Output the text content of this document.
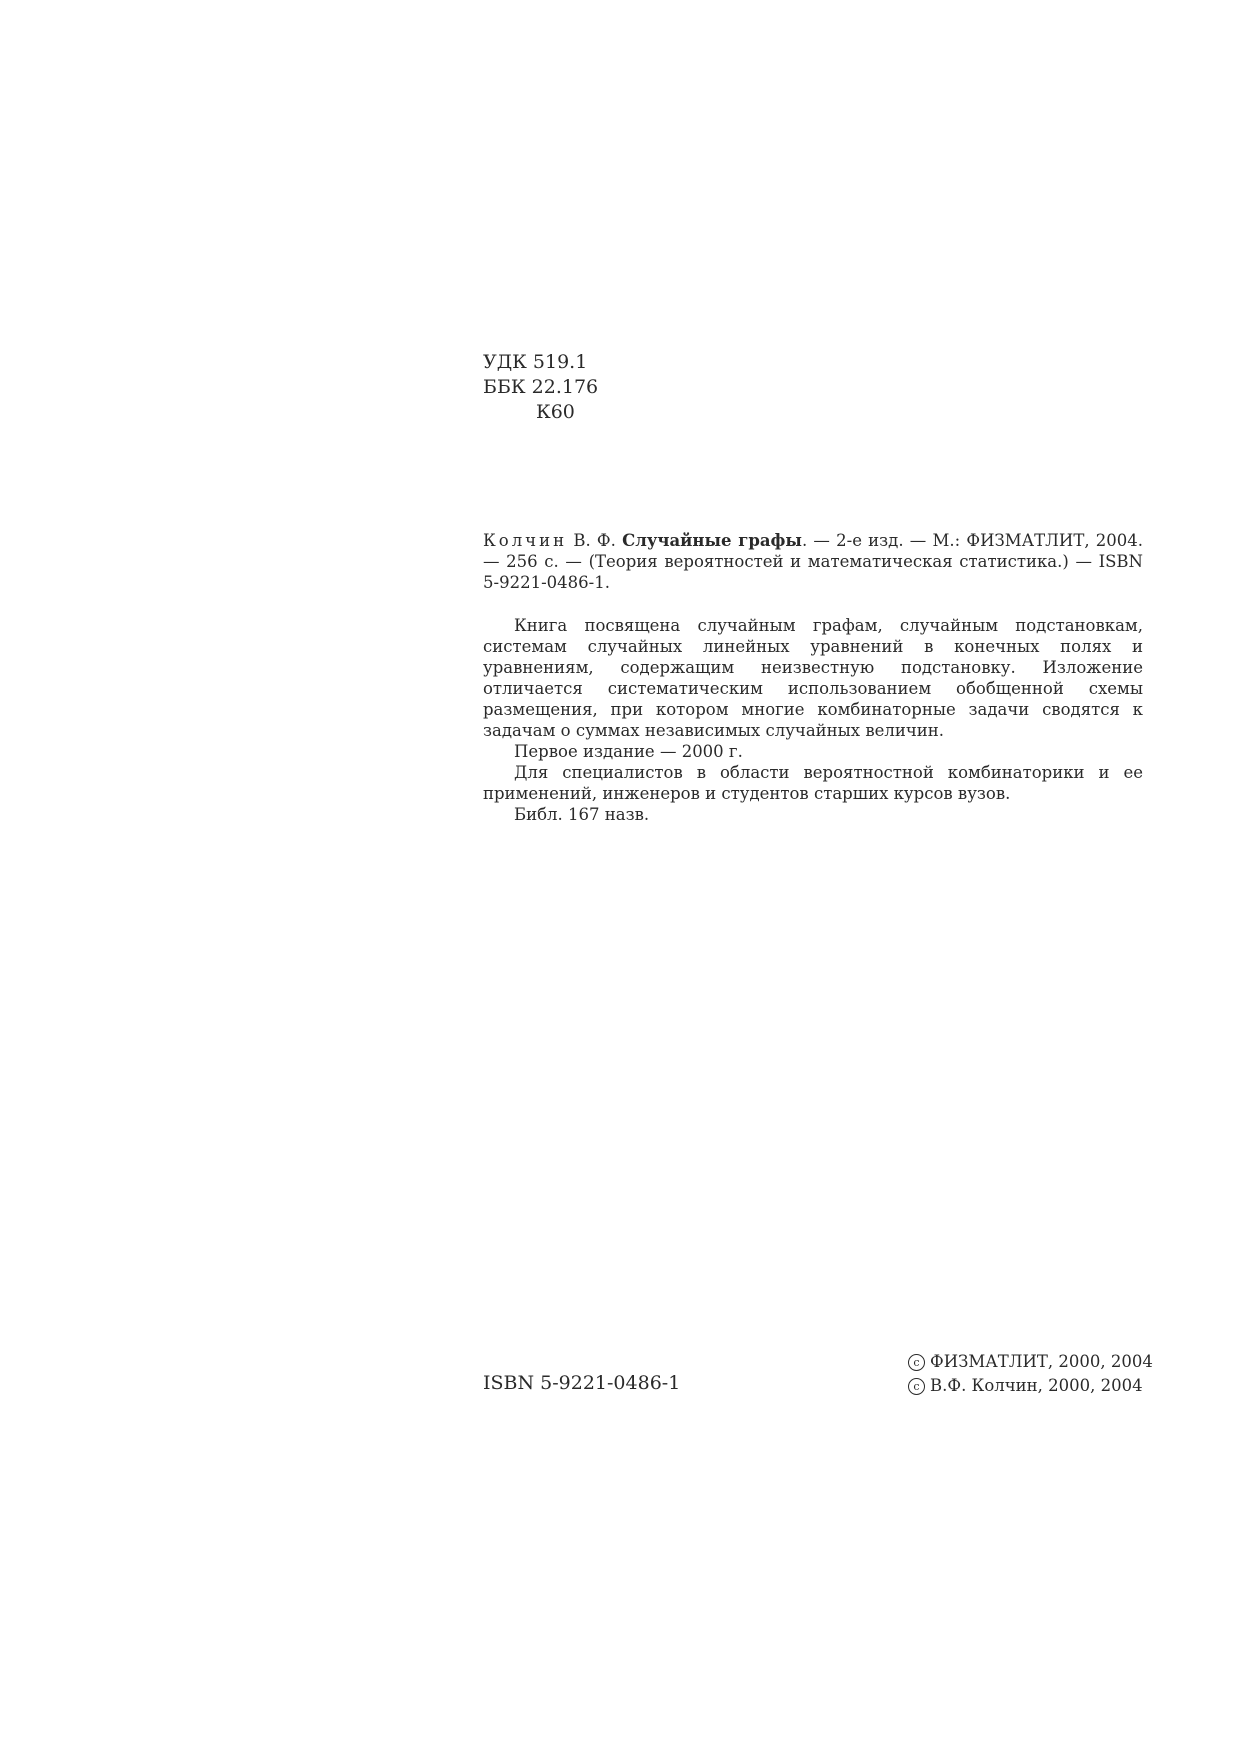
УДК 519.1
ББК 22.176
К60
Колчин В. Ф. Случайные графы. — 2-е изд. — М.: ФИЗМАТЛИТ, 2004. — 256 с. — (Теория вероятностей и математическая статистика.) — ISBN 5-9221-0486-1.

Книга посвящена случайным графам, случайным подстановкам, системам случайных линейных уравнений в конечных полях и уравнениям, содержащим неизвестную подстановку. Изложение отличается систематическим использованием обобщенной схемы размещения, при котором многие комбинаторные задачи сводятся к задачам о суммах независимых случайных величин.

Первое издание — 2000 г.

Для специалистов в области вероятностной комбинаторики и ее применений, инженеров и студентов старших курсов вузов.

Библ. 167 назв.

ISBN 5-9221-0486-1
c ФИЗМАТЛИТ, 2000, 2004
c В.Ф. Колчин, 2000, 2004
